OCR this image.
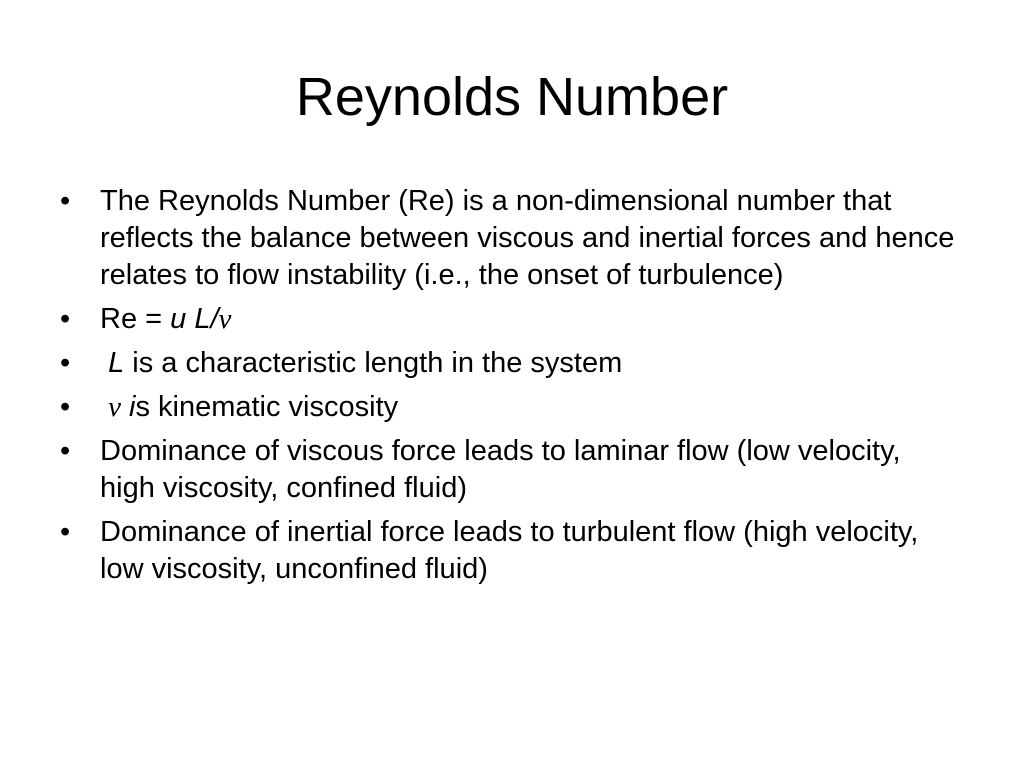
Reynolds Number
•	The Reynolds Number (Re) is a non-dimensional number that reflects the balance between viscous and inertial forces and hence relates to flow instability (i.e., the onset of turbulence)
•	Re = u L/ν
•	L is a characteristic length in the system
•	ν is kinematic viscosity
•	Dominance of viscous force leads to laminar flow (low velocity, high viscosity, confined fluid)
•	Dominance of inertial force leads to turbulent flow (high velocity, low viscosity, unconfined fluid)
